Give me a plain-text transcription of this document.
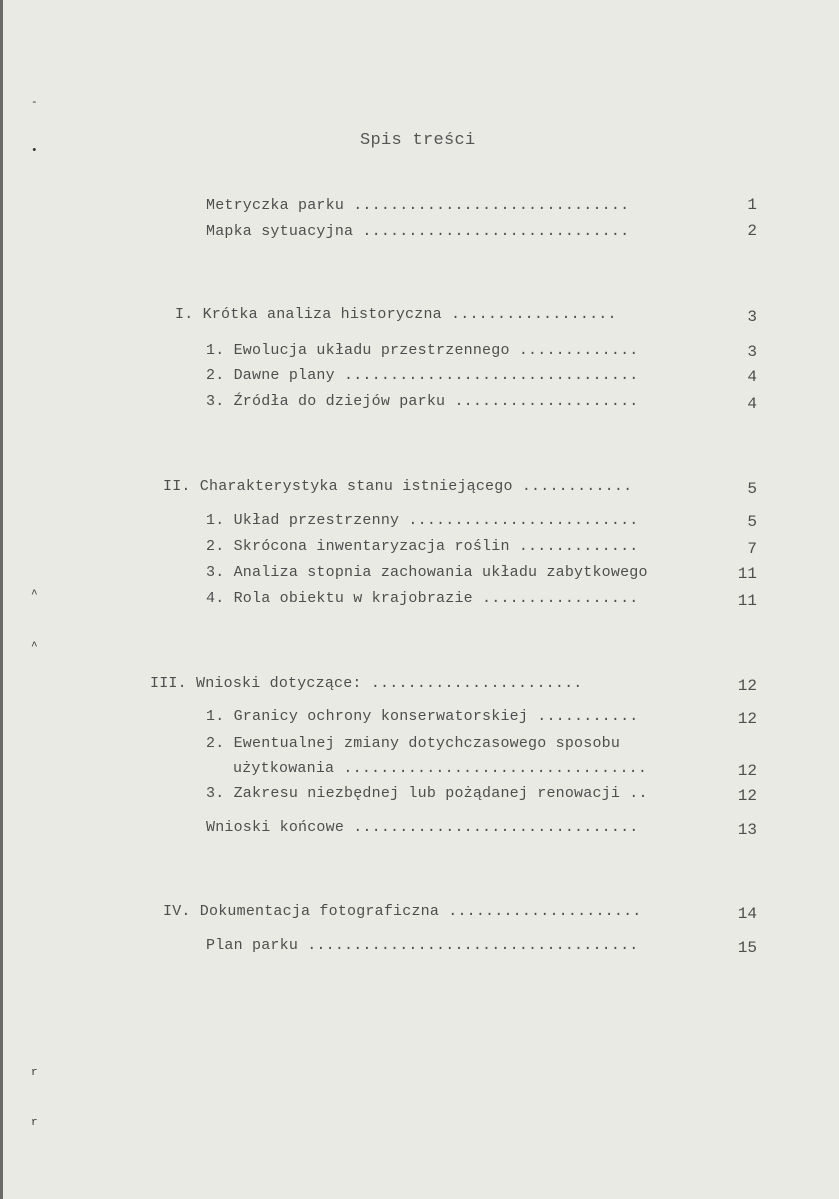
-
•
^
^
r
r
Spis treści
Metryczka parku ..............................	1
Mapka sytuacyjna .............................	2
I. Krótka analiza historyczna ..................	3
1. Ewolucja układu przestrzennego .............	3
2. Dawne plany ................................	4
3. Źródła do dziejów parku ....................	4
II. Charakterystyka stanu istniejącego ............	5
1. Układ przestrzenny .........................	5
2. Skrócona inwentaryzacja roślin .............	7
3. Analiza stopnia zachowania układu zabytkowego	11
4. Rola obiektu w krajobrazie .................	11
III. Wnioski dotyczące: .......................	12
1. Granicy ochrony konserwatorskiej ...........	12
2. Ewentualnej zmiany dotychczasowego sposobu
użytkowania .................................	12
3. Zakresu niezbędnej lub pożądanej renowacji ..	12
Wnioski końcowe ...............................	13
IV. Dokumentacja fotograficzna .....................	14
Plan parku ....................................	15
